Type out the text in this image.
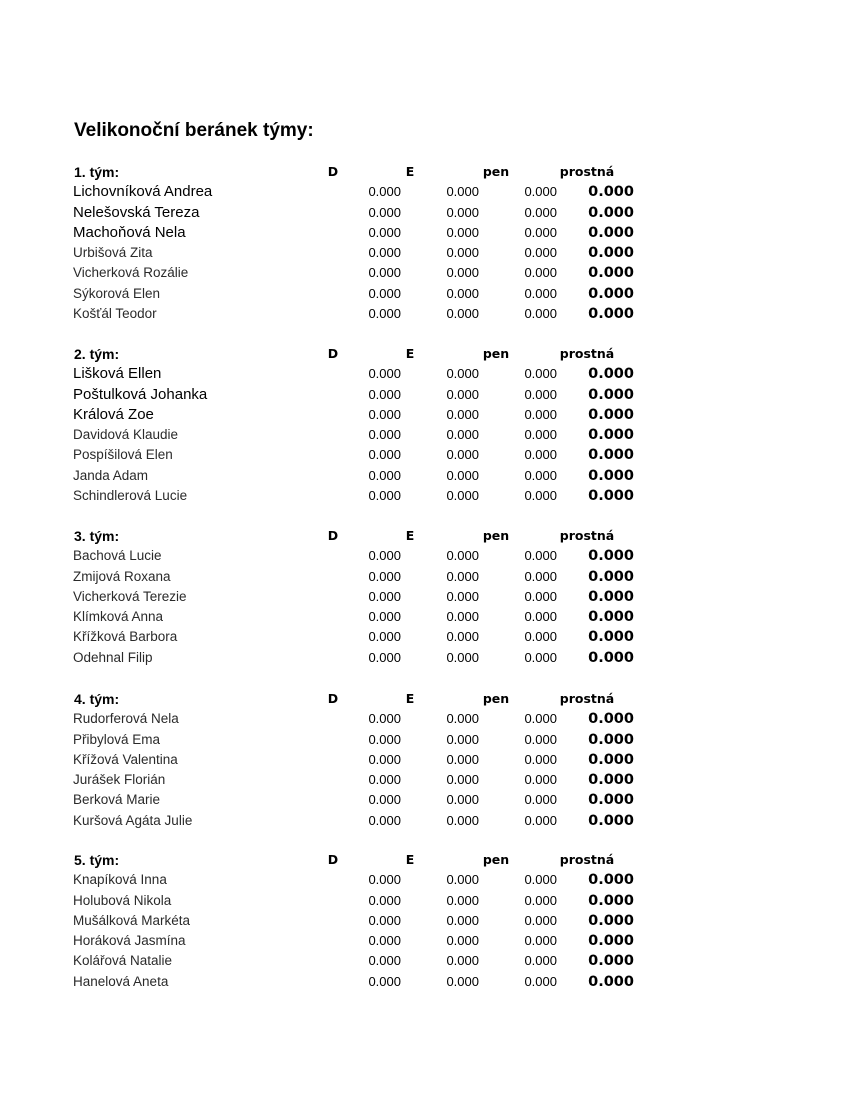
Velikonoční beránek týmy:
1. tým:	D	E	pen	prostná
Lichovníková Andrea	0.000	0.000	0.000	0.000
Nelešovská Tereza	0.000	0.000	0.000	0.000
Machoňová Nela	0.000	0.000	0.000	0.000
Urbišová Zita	0.000	0.000	0.000	0.000
Vicherková Rozálie	0.000	0.000	0.000	0.000
Sýkorová Elen	0.000	0.000	0.000	0.000
Košťál Teodor	0.000	0.000	0.000	0.000
2. tým:	D	E	pen	prostná
Lišková Ellen	0.000	0.000	0.000	0.000
Poštulková Johanka	0.000	0.000	0.000	0.000
Králová Zoe	0.000	0.000	0.000	0.000
Davidová Klaudie	0.000	0.000	0.000	0.000
Pospíšilová Elen	0.000	0.000	0.000	0.000
Janda Adam	0.000	0.000	0.000	0.000
Schindlerová Lucie	0.000	0.000	0.000	0.000
3. tým:	D	E	pen	prostná
Bachová Lucie	0.000	0.000	0.000	0.000
Zmijová Roxana	0.000	0.000	0.000	0.000
Vicherková Terezie	0.000	0.000	0.000	0.000
Klímková Anna	0.000	0.000	0.000	0.000
Křížková Barbora	0.000	0.000	0.000	0.000
Odehnal Filip	0.000	0.000	0.000	0.000
4. tým:	D	E	pen	prostná
Rudorferová Nela	0.000	0.000	0.000	0.000
Přibylová Ema	0.000	0.000	0.000	0.000
Křížová Valentina	0.000	0.000	0.000	0.000
Jurášek Florián	0.000	0.000	0.000	0.000
Berková Marie	0.000	0.000	0.000	0.000
Kuršová Agáta Julie	0.000	0.000	0.000	0.000
5. tým:	D	E	pen	prostná
Knapíková Inna	0.000	0.000	0.000	0.000
Holubová Nikola	0.000	0.000	0.000	0.000
Mušálková Markéta	0.000	0.000	0.000	0.000
Horáková Jasmína	0.000	0.000	0.000	0.000
Kolářová Natalie	0.000	0.000	0.000	0.000
Hanelová Aneta	0.000	0.000	0.000	0.000
